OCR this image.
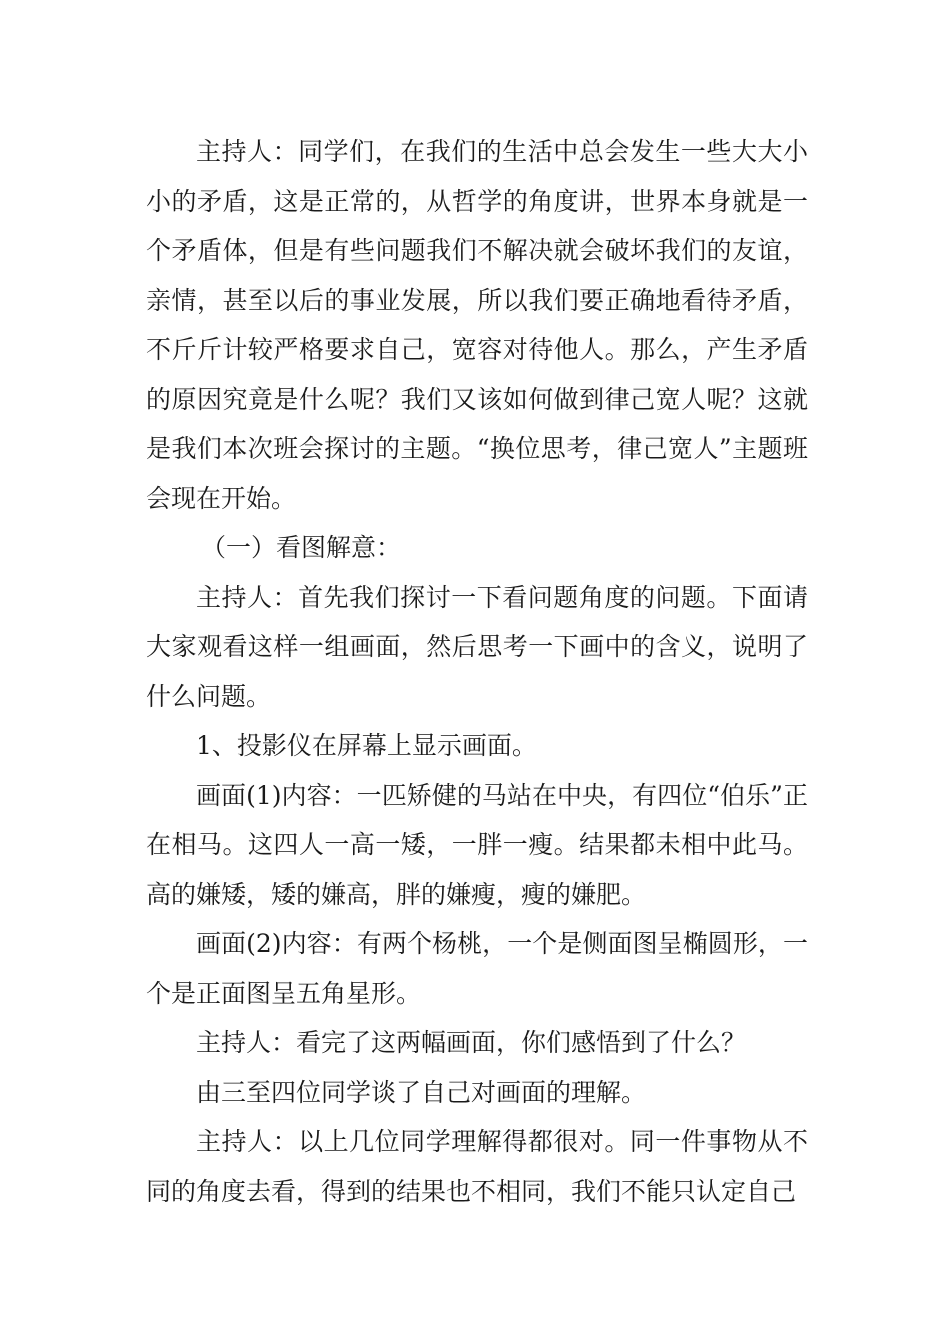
主持人：同学们，在我们的生活中总会发生一些大大小小的矛盾，这是正常的，从哲学的角度讲，世界本身就是一个矛盾体，但是有些问题我们不解决就会破坏我们的友谊，亲情，甚至以后的事业发展，所以我们要正确地看待矛盾，不斤斤计较严格要求自己，宽容对待他人。那么，产生矛盾的原因究竟是什么呢？我们又该如何做到律己宽人呢？这就是我们本次班会探讨的主题。“换位思考，律己宽人”主题班会现在开始。

（一）看图解意：

主持人：首先我们探讨一下看问题角度的问题。下面请大家观看这样一组画面，然后思考一下画中的含义，说明了什么问题。

1、投影仪在屏幕上显示画面。

画面(1)内容：一匹矫健的马站在中央，有四位“伯乐”正在相马。这四人一高一矮，一胖一瘦。结果都未相中此马。高的嫌矮，矮的嫌高，胖的嫌瘦，瘦的嫌肥。

画面(2)内容：有两个杨桃，一个是侧面图呈椭圆形，一个是正面图呈五角星形。

主持人：看完了这两幅画面，你们感悟到了什么？

由三至四位同学谈了自己对画面的理解。

主持人：以上几位同学理解得都很对。同一件事物从不同的角度去看，得到的结果也不相同，我们不能只认定自己
